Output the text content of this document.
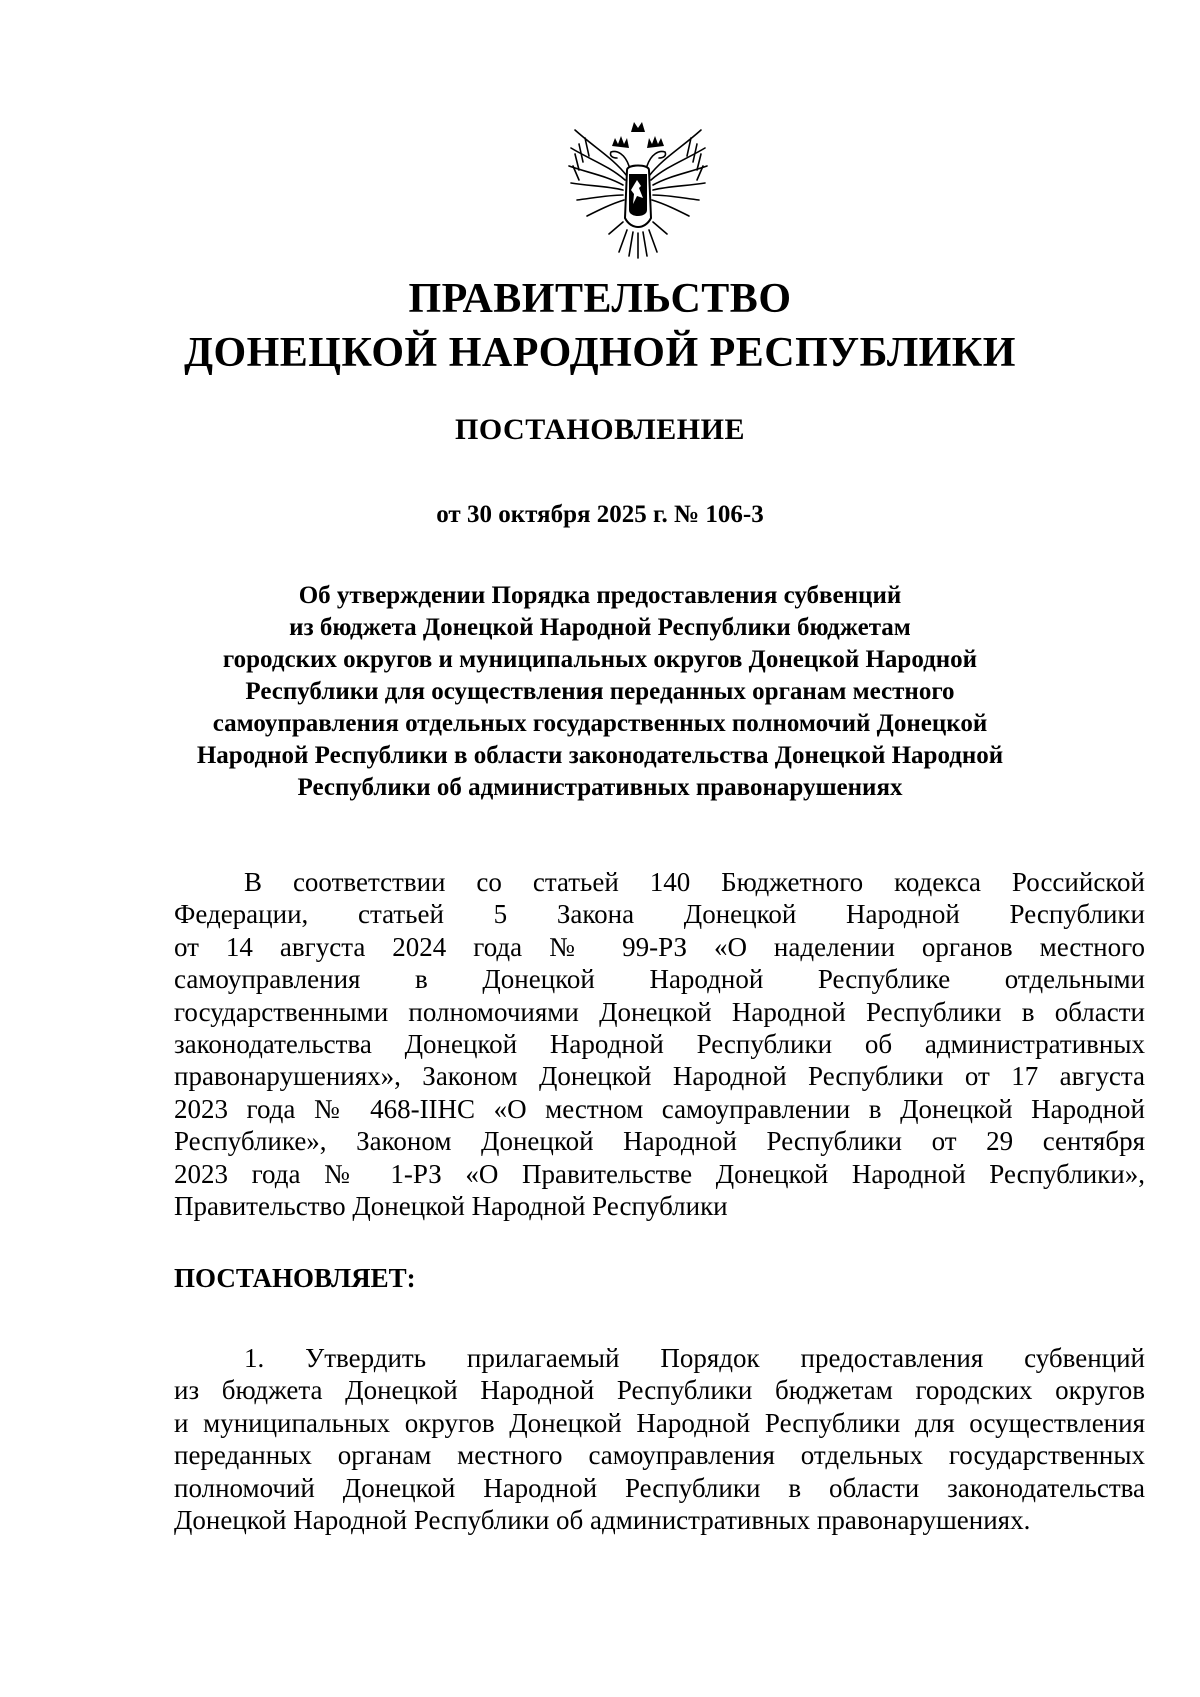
ПРАВИТЕЛЬСТВО
ДОНЕЦКОЙ НАРОДНОЙ РЕСПУБЛИКИ
ПОСТАНОВЛЕНИЕ
от 30 октября 2025 г. № 106-3
Об утверждении Порядка предоставления субвенций
из бюджета Донецкой Народной Республики бюджетам
городских округов и муниципальных округов Донецкой Народной
Республики для осуществления переданных органам местного
самоуправления отдельных государственных полномочий Донецкой
Народной Республики в области законодательства Донецкой Народной
Республики об административных правонарушениях
В соответствии со статьей 140 Бюджетного кодекса Российской
Федерации, статьей 5 Закона Донецкой Народной Республики
от 14 августа 2024 года № 99-РЗ «О наделении органов местного
самоуправления в Донецкой Народной Республике отдельными
государственными полномочиями Донецкой Народной Республики в области
законодательства Донецкой Народной Республики об административных
правонарушениях», Законом Донецкой Народной Республики от 17 августа
2023 года № 468-IIНС «О местном самоуправлении в Донецкой Народной
Республике», Законом Донецкой Народной Республики от 29 сентября
2023 года № 1-РЗ «О Правительстве Донецкой Народной Республики»,
Правительство Донецкой Народной Республики
ПОСТАНОВЛЯЕТ:
1. Утвердить прилагаемый Порядок предоставления субвенций
из бюджета Донецкой Народной Республики бюджетам городских округов
и муниципальных округов Донецкой Народной Республики для осуществления
переданных органам местного самоуправления отдельных государственных
полномочий Донецкой Народной Республики в области законодательства
Донецкой Народной Республики об административных правонарушениях.
